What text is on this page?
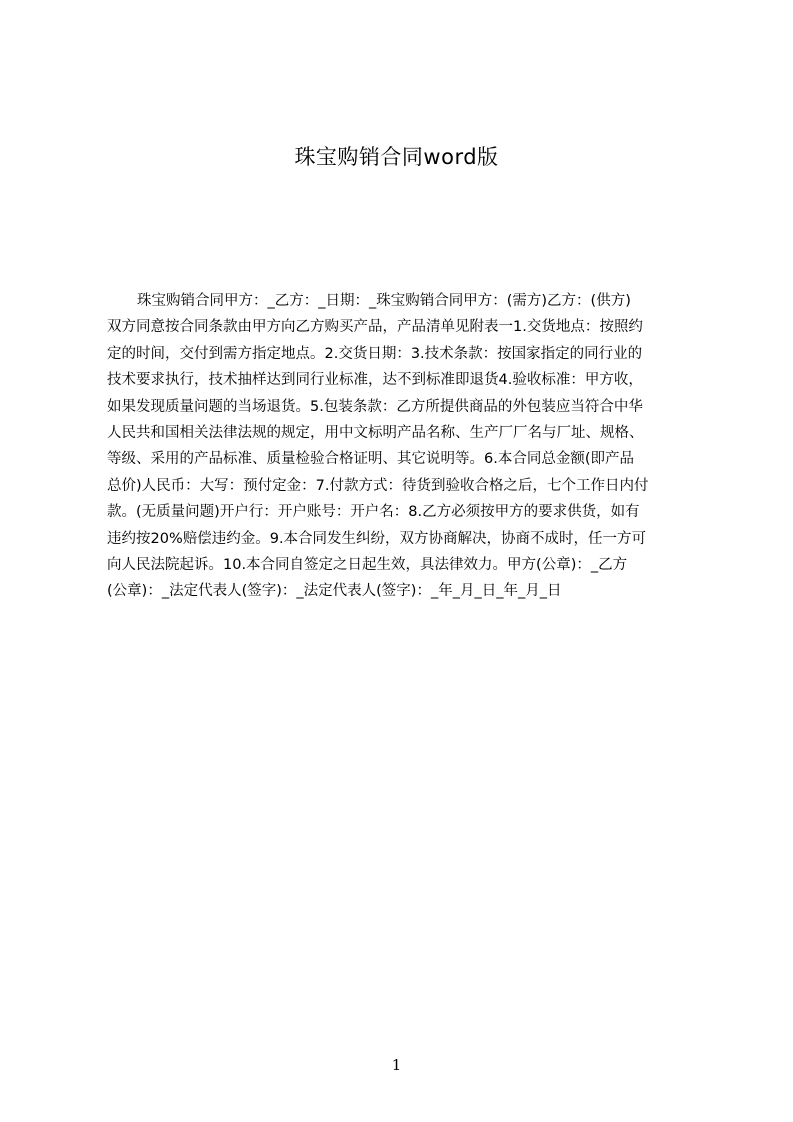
珠宝购销合同word版
珠宝购销合同甲方：_乙方：_日期：_珠宝购销合同甲方：(需方)乙方：(供方)
双方同意按合同条款由甲方向乙方购买产品，产品清单见附表一1.交货地点：按照约
定的时间，交付到需方指定地点。2.交货日期：3.技术条款：按国家指定的同行业的
技术要求执行，技术抽样达到同行业标准，达不到标准即退货4.验收标准：甲方收，
如果发现质量问题的当场退货。5.包装条款：乙方所提供商品的外包装应当符合中华
人民共和国相关法律法规的规定，用中文标明产品名称、生产厂厂名与厂址、规格、
等级、采用的产品标准、质量检验合格证明、其它说明等。6.本合同总金额(即产品
总价)人民币：大写：预付定金：7.付款方式：待货到验收合格之后，七个工作日内付
款。(无质量问题)开户行：开户账号：开户名：8.乙方必须按甲方的要求供货，如有
违约按20%赔偿违约金。9.本合同发生纠纷，双方协商解决，协商不成时，任一方可
向人民法院起诉。10.本合同自签定之日起生效，具法律效力。甲方(公章)：_乙方
(公章)：_法定代表人(签字)：_法定代表人(签字)：_年_月_日_年_月_日
1
